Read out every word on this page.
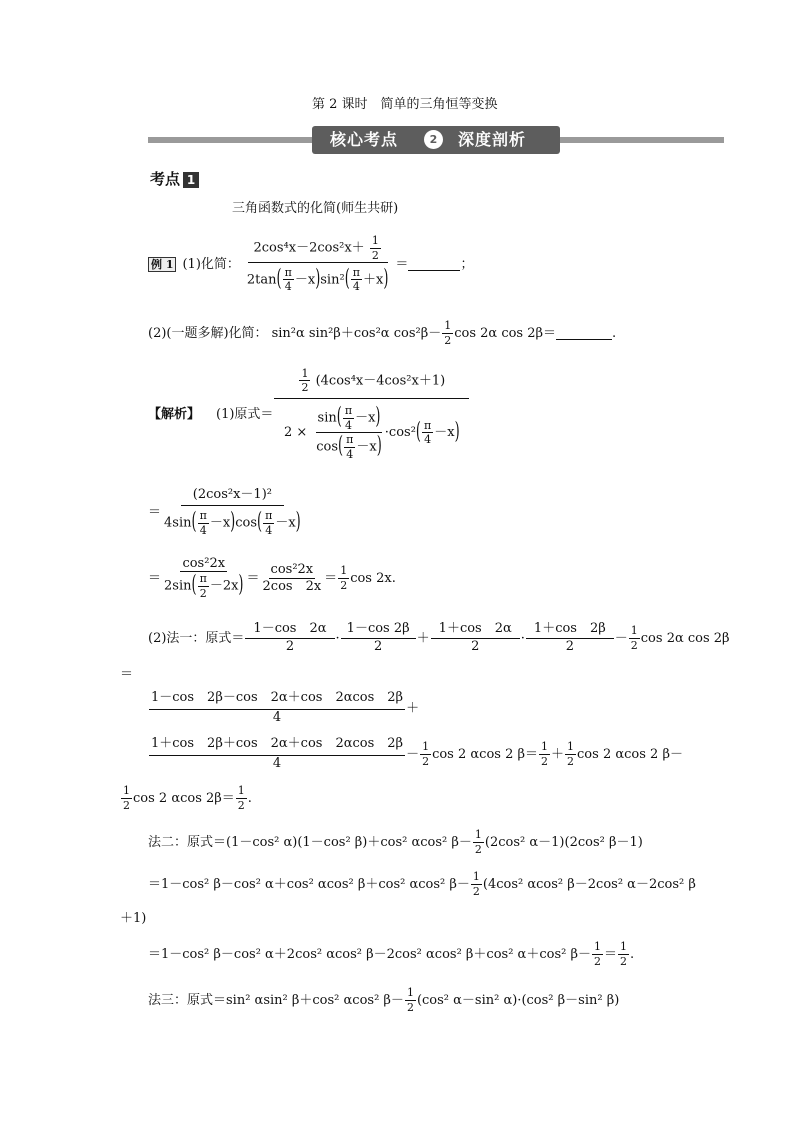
第 2 课时　简单的三角恒等变换
核心考点	2	深度剖析
考点 1
三角函数式的化简(师生共研)
例 1 (1)化简： $\frac{2\cos^4x-2\cos^2x+ \frac{1}{2}}{2\tan( \frac{\pi}{4} -x)\sin^2( \frac{\pi}{4} +x)}$ ＝	；
(2)(一题多解)化简： sin²α sin²β＋cos²α $\cos^2\beta- \frac{1}{2}$ cos 2α cos 2β＝	.
【解析】 (1)原式＝
$\frac{1}{2} (4\cos^4x-4\cos^2x+1)$
$2 \times \frac{\sin( \frac{\pi}{4} -x)}{\cos( \frac{\pi}{4} -x)} \cdot\cos^2$ ( $\frac{\pi}{4} -x$ )
＝ $\frac{\text{(2cos²x－1)²}}{4\sin( \frac{\pi}{4} -x)\cos( \frac{\pi}{4} -x)}$
＝ $\frac{\text{cos²2x}}{2\sin( \frac{\pi}{2} -2x)} = \frac{\text{cos²2x}}{2\cos 2x} = \frac{1}{2}$ cos 2x.
(2)法一：原式＝ $\frac{1-\cos 2\alpha}{2} \cdot \frac{1-\cos 2\beta}{2} + \frac{1+\cos 2\alpha}{2} \cdot \frac{1+\cos 2\beta}{2} - \frac{1}{2}$ cos 2α cos 2β
＝
$\frac{1-\cos 2\beta-\cos 2\alpha+\cos 2\alpha\cos 2\beta}{4}$ ＋
$\frac{1+\cos 2\beta+\cos 2\alpha+\cos 2\alpha\cos 2\beta}{4} - \frac{1}{2}$ cos 2 αcos 2 $\beta= \frac{1}{2} + \frac{1}{2}$ cos 2 αcos 2 β－
$\frac{1}{2}$ cos 2 αcos $2\beta= \frac{1}{2}$ .
法二：原式＝(1－cos² α)(1－cos² β)＋cos² αcos² $\beta- \frac{1}{2} (2\cos^2$ α－1)(2cos² β－1)
＝1－cos² β－cos² α＋cos² αcos² β＋cos² αcos² $\beta- \frac{1}{2} (4\cos^2$ αcos² β－2cos² α－2cos² β
＋1)
＝1－cos² β－cos² α＋2cos² αcos² β－2cos² αcos² β＋cos² α＋cos² $\beta- \frac{1}{2} = \frac{1}{2}$ .
法三：原式＝sin² αsin² β＋cos² αcos² $\beta- \frac{1}{2} (\cos^2$ α－sin² α)·(cos² β－sin² β)
